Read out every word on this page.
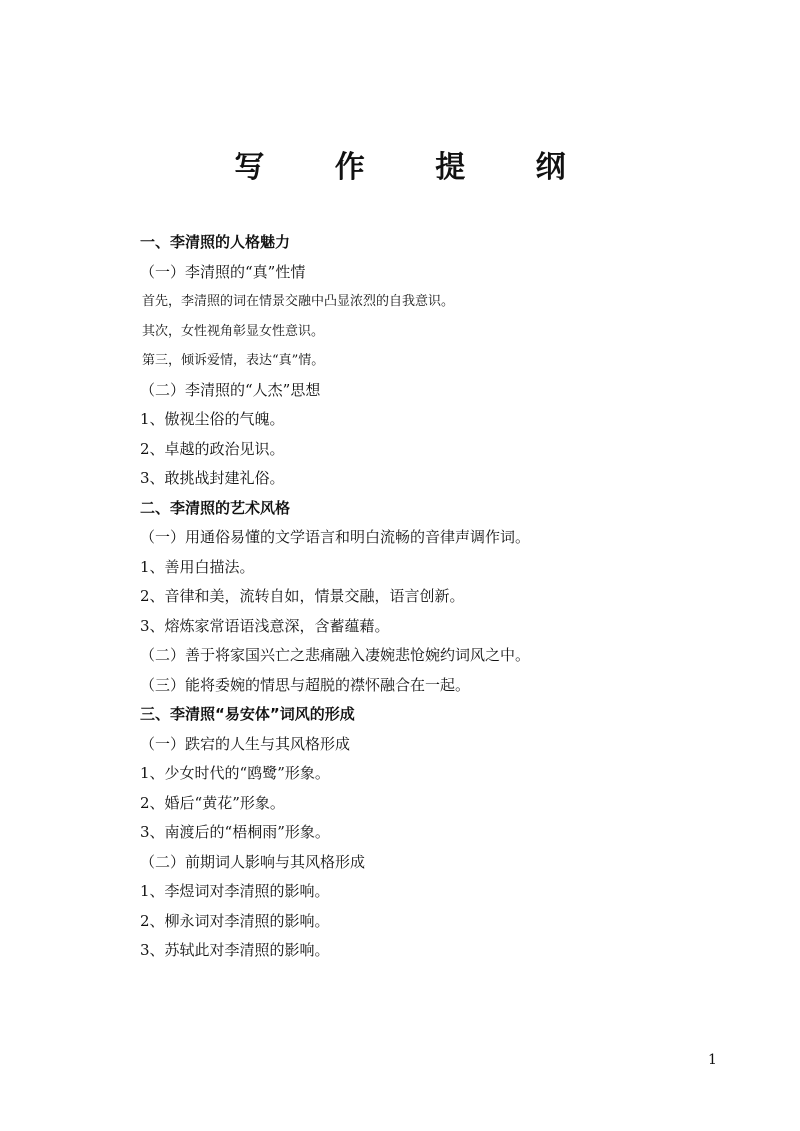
写 作 提 纲
一、李清照的人格魅力
（一）李清照的“真”性情
首先，李清照的词在情景交融中凸显浓烈的自我意识。
其次，女性视角彰显女性意识。
第三，倾诉爱情，表达“真”情。
（二）李清照的“人杰”思想
1、傲视尘俗的气魄。
2、卓越的政治见识。
3、敢挑战封建礼俗。
二、李清照的艺术风格
（一）用通俗易懂的文学语言和明白流畅的音律声调作词。
1、善用白描法。
2、音律和美，流转自如，情景交融，语言创新。
3、熔炼家常语语浅意深，含蓄蕴藉。
（二）善于将家国兴亡之悲痛融入凄婉悲怆婉约词风之中。
（三）能将委婉的情思与超脱的襟怀融合在一起。
三、李清照“易安体”词风的形成
（一）跌宕的人生与其风格形成
1、少女时代的“鸥鹭”形象。
2、婚后“黄花”形象。
3、南渡后的“梧桐雨”形象。
（二）前期词人影响与其风格形成
1、李煜词对李清照的影响。
2、柳永词对李清照的影响。
3、苏轼此对李清照的影响。
1
